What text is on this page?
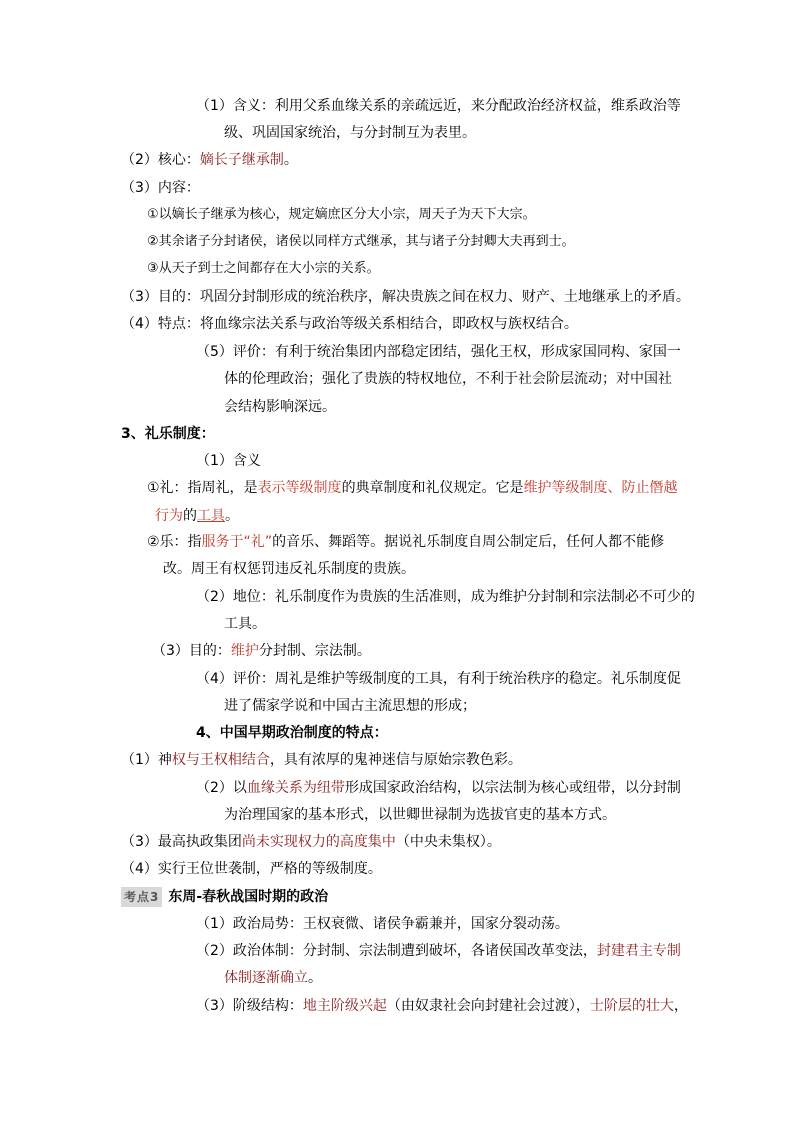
（1）含义：利用父系血缘关系的亲疏远近，来分配政治经济权益，维系政治等
级、巩固国家统治，与分封制互为表里。
（2）核心：嫡长子继承制。
（3）内容：
①以嫡长子继承为核心，规定嫡庶区分大小宗，周天子为天下大宗。
②其余诸子分封诸侯，诸侯以同样方式继承，其与诸子分封卿大夫再到士。
③从天子到士之间都存在大小宗的关系。
（3）目的：巩固分封制形成的统治秩序，解决贵族之间在权力、财产、土地继承上的矛盾。
（4）特点：将血缘宗法关系与政治等级关系相结合，即政权与族权结合。
（5）评价：有利于统治集团内部稳定团结，强化王权，形成家国同构、家国一
体的伦理政治；强化了贵族的特权地位，不利于社会阶层流动；对中国社
会结构影响深远。
3、礼乐制度：
（1）含义
①礼：指周礼，是表示等级制度的典章制度和礼仪规定。它是维护等级制度、防止僭越
行为的工具。
②乐：指服务于“礼”的音乐、舞蹈等。据说礼乐制度自周公制定后，任何人都不能修
改。周王有权惩罚违反礼乐制度的贵族。
（2）地位：礼乐制度作为贵族的生活准则，成为维护分封制和宗法制必不可少的
工具。
（3）目的：维护分封制、宗法制。
（4）评价：周礼是维护等级制度的工具，有利于统治秩序的稳定。礼乐制度促
进了儒家学说和中国古主流思想的形成；
4、中国早期政治制度的特点：
（1）神权与王权相结合，具有浓厚的鬼神迷信与原始宗教色彩。
（2）以血缘关系为纽带形成国家政治结构，以宗法制为核心或纽带，以分封制
为治理国家的基本形式，以世卿世禄制为选拔官吏的基本方式。
（3）最高执政集团尚未实现权力的高度集中（中央未集权）。
（4）实行王位世袭制，严格的等级制度。
考点3 东周-春秋战国时期的政治
（1）政治局势：王权衰微、诸侯争霸兼并，国家分裂动荡。
（2）政治体制：分封制、宗法制遭到破坏，各诸侯国改革变法，封建君主专制
体制逐渐确立。
（3）阶级结构：地主阶级兴起（由奴隶社会向封建社会过渡），士阶层的壮大，
